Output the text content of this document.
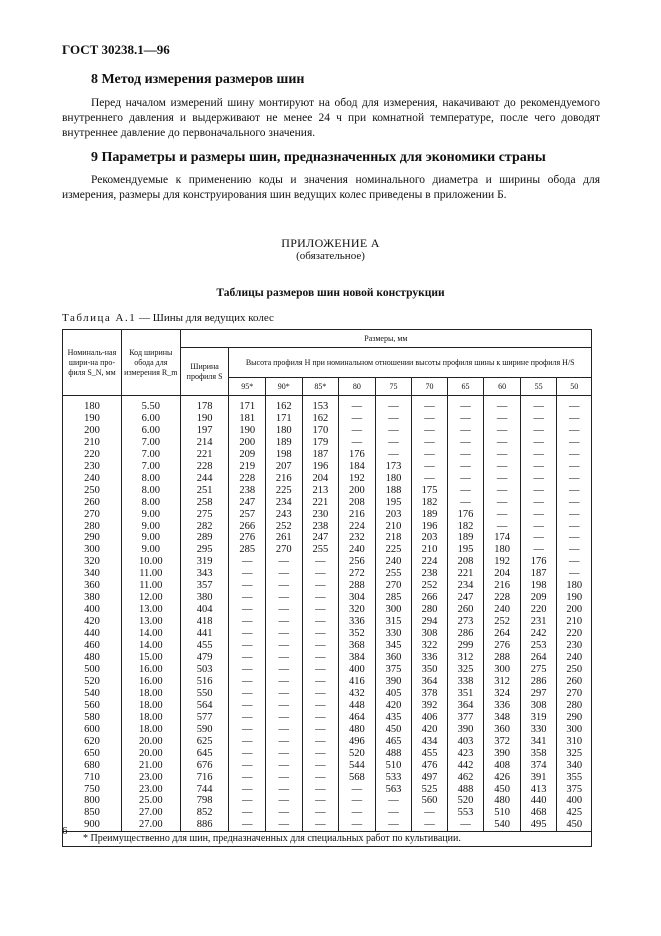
ГОСТ 30238.1—96
8 Метод измерения размеров шин
Перед началом измерений шину монтируют на обод для измерения, накачивают до рекомендуемого внутреннего давления и выдерживают не менее 24 ч при комнатной температуре, после чего доводят внутреннее давление до первоначального значения.
9 Параметры и размеры шин, предназначенных для экономики страны
Рекомендуемые к применению коды и значения номинального диаметра и ширины обода для измерения, размеры для конструирования шин ведущих колес приведены в приложении Б.
ПРИЛОЖЕНИЕ А
(обязательное)
Таблицы размеров шин новой конструкции
Таблица А.1 — Шины для ведущих колес
Номиналь-ная шири-на про-филя S_N, мм	Код ширины обода для измерения R_m	Размеры, мм										
		Ширина профиля S	Высота профиля H при номинальном отношении высоты профиля шины к ширине профиля H/S									
			95*	90*	85*	80	75	70	65	60	55	50
180	5.50	178	171	162	153	—	—	—	—	—	—	—
190	6.00	190	181	171	162	—	—	—	—	—	—	—
200	6.00	197	190	180	170	—	—	—	—	—	—	—
210	7.00	214	200	189	179	—	—	—	—	—	—	—
220	7.00	221	209	198	187	176	—	—	—	—	—	—
230	7.00	228	219	207	196	184	173	—	—	—	—	—
240	8.00	244	228	216	204	192	180	—	—	—	—	—
250	8.00	251	238	225	213	200	188	175	—	—	—	—
260	8.00	258	247	234	221	208	195	182	—	—	—	—
270	9.00	275	257	243	230	216	203	189	176	—	—	—
280	9.00	282	266	252	238	224	210	196	182	—	—	—
290	9.00	289	276	261	247	232	218	203	189	174	—	—
300	9.00	295	285	270	255	240	225	210	195	180	—	—
320	10.00	319	—	—	—	256	240	224	208	192	176	—
340	11.00	343	—	—	—	272	255	238	221	204	187	—
360	11.00	357	—	—	—	288	270	252	234	216	198	180
380	12.00	380	—	—	—	304	285	266	247	228	209	190
400	13.00	404	—	—	—	320	300	280	260	240	220	200
420	13.00	418	—	—	—	336	315	294	273	252	231	210
440	14.00	441	—	—	—	352	330	308	286	264	242	220
460	14.00	455	—	—	—	368	345	322	299	276	253	230
480	15.00	479	—	—	—	384	360	336	312	288	264	240
500	16.00	503	—	—	—	400	375	350	325	300	275	250
520	16.00	516	—	—	—	416	390	364	338	312	286	260
540	18.00	550	—	—	—	432	405	378	351	324	297	270
560	18.00	564	—	—	—	448	420	392	364	336	308	280
580	18.00	577	—	—	—	464	435	406	377	348	319	290
600	18.00	590	—	—	—	480	450	420	390	360	330	300
620	20.00	625	—	—	—	496	465	434	403	372	341	310
650	20.00	645	—	—	—	520	488	455	423	390	358	325
680	21.00	676	—	—	—	544	510	476	442	408	374	340
710	23.00	716	—	—	—	568	533	497	462	426	391	355
750	23.00	744	—	—	—	—	563	525	488	450	413	375
800	25.00	798	—	—	—	—	—	560	520	480	440	400
850	27.00	852	—	—	—	—	—	—	553	510	468	425
900	27.00	886	—	—	—	—	—	—	—	540	495	450
* Преимущественно для шин, предназначенных для специальных работ по культивации.												
6
